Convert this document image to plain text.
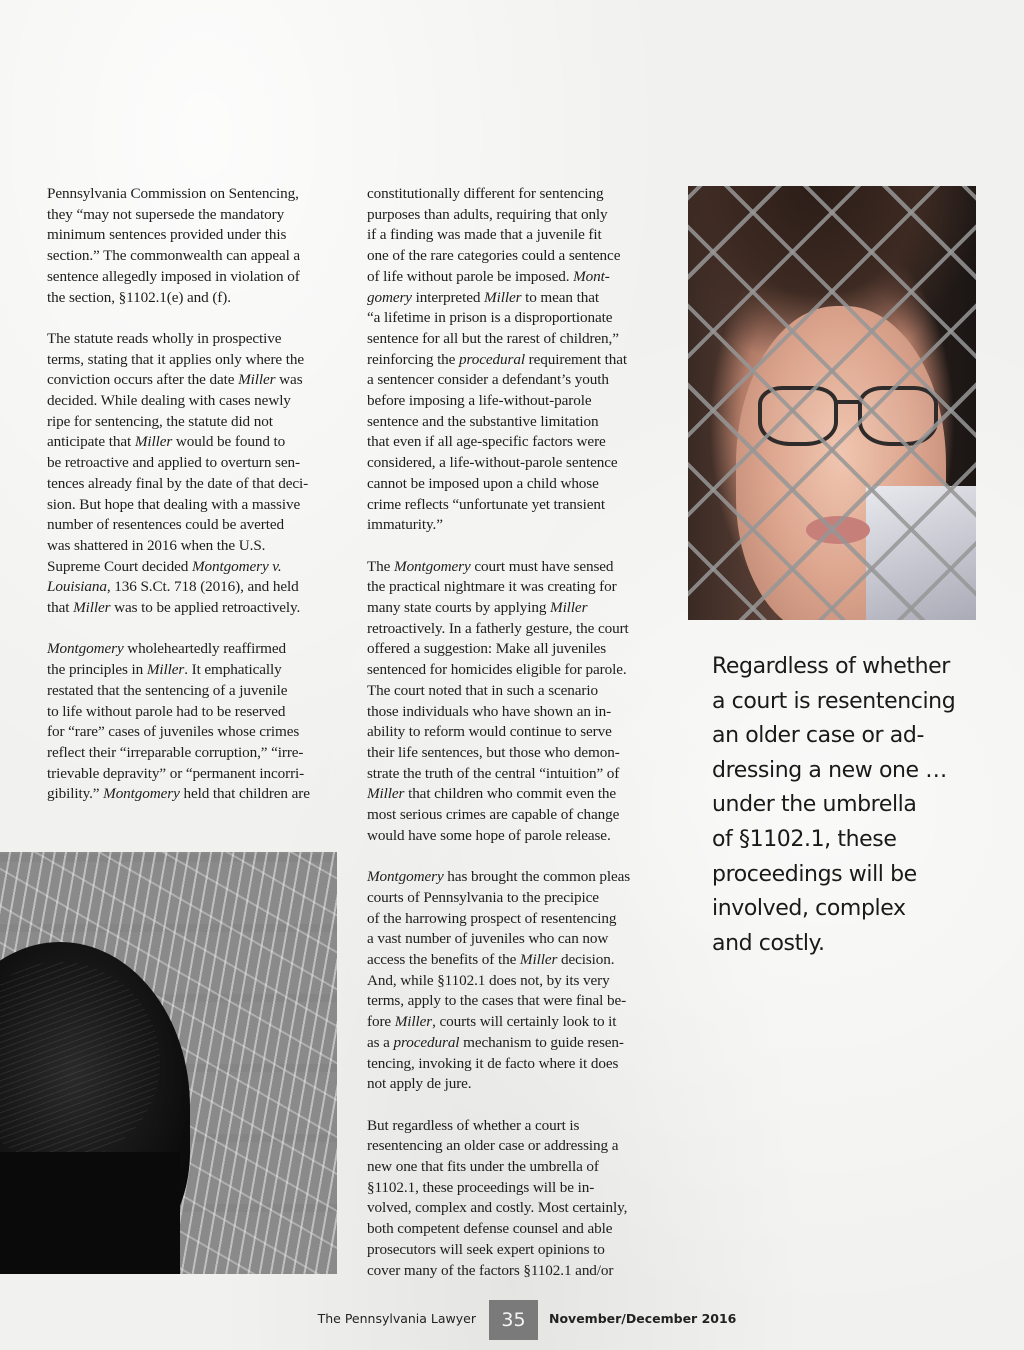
Pennsylvania Commission on Sentencing,
they “may not supersede the mandatory
minimum sentences provided under this
section.” The commonwealth can appeal a
sentence allegedly imposed in violation of
the section, §1102.1(e) and (f).

The statute reads wholly in prospective
terms, stating that it applies only where the
conviction occurs after the date Miller was
decided. While dealing with cases newly
ripe for sentencing, the statute did not
anticipate that Miller would be found to
be retroactive and applied to overturn sen-
tences already final by the date of that deci-
sion. But hope that dealing with a massive
number of resentences could be averted
was shattered in 2016 when the U.S.
Supreme Court decided Montgomery v.
Louisiana, 136 S.Ct. 718 (2016), and held
that Miller was to be applied retroactively.

Montgomery wholeheartedly reaffirmed
the principles in Miller. It emphatically
restated that the sentencing of a juvenile
to life without parole had to be reserved
for “rare” cases of juveniles whose crimes
reflect their “irreparable corruption,” “irre-
trievable depravity” or “permanent incorri-
gibility.” Montgomery held that children are

constitutionally different for sentencing
purposes than adults, requiring that only
if a finding was made that a juvenile fit
one of the rare categories could a sentence
of life without parole be imposed. Mont-
gomery interpreted Miller to mean that
“a lifetime in prison is a disproportionate
sentence for all but the rarest of children,”
reinforcing the procedural requirement that
a sentencer consider a defendant’s youth
before imposing a life-without-parole
sentence and the substantive limitation
that even if all age-specific factors were
considered, a life-without-parole sentence
cannot be imposed upon a child whose
crime reflects “unfortunate yet transient
immaturity.”

The Montgomery court must have sensed
the practical nightmare it was creating for
many state courts by applying Miller
retroactively. In a fatherly gesture, the court
offered a suggestion: Make all juveniles
sentenced for homicides eligible for parole.
The court noted that in such a scenario
those individuals who have shown an in-
ability to reform would continue to serve
their life sentences, but those who demon-
strate the truth of the central “intuition” of
Miller that children who commit even the
most serious crimes are capable of change
would have some hope of parole release.

Montgomery has brought the common pleas
courts of Pennsylvania to the precipice
of the harrowing prospect of resentencing
a vast number of juveniles who can now
access the benefits of the Miller decision.
And, while §1102.1 does not, by its very
terms, apply to the cases that were final be-
fore Miller, courts will certainly look to it
as a procedural mechanism to guide resen-
tencing, invoking it de facto where it does
not apply de jure.

But regardless of whether a court is
resentencing an older case or addressing a
new one that fits under the umbrella of
§1102.1, these proceedings will be in-
volved, complex and costly. Most certainly,
both competent defense counsel and able
prosecutors will seek expert opinions to
cover many of the factors §1102.1 and/or

Regardless of whether
a court is resentencing
an older case or ad-
dressing a new one …
under the umbrella
of §1102.1, these
proceedings will be
involved, complex
and costly.
The Pennsylvania Lawyer	35	November/December 2016
